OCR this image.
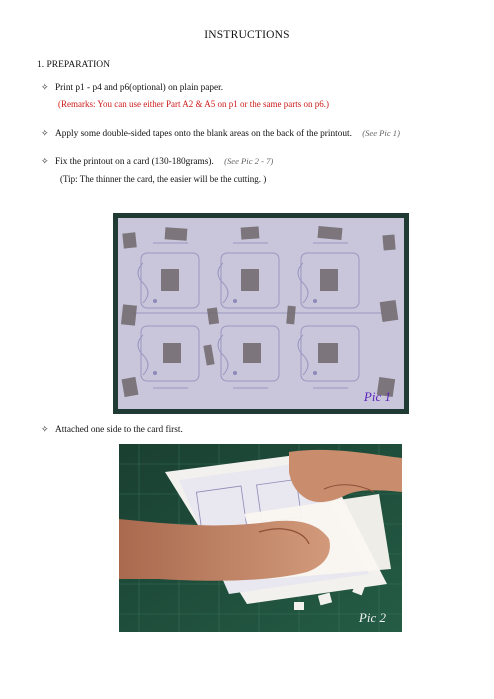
INSTRUCTIONS
1. PREPARATION
✧ Print p1 - p4 and p6(optional) on plain paper.
(Remarks: You can use either Part A2 & A5 on p1 or the same parts on p6.)
✧ Apply some double-sided tapes onto the blank areas on the back of the printout. (See Pic 1)
✧ Fix the printout on a card (130-180grams). (See Pic 2 - 7)
(Tip: The thinner the card, the easier will be the cutting. )
Pic 1
✧ Attached one side to the card first.
Pic 2
